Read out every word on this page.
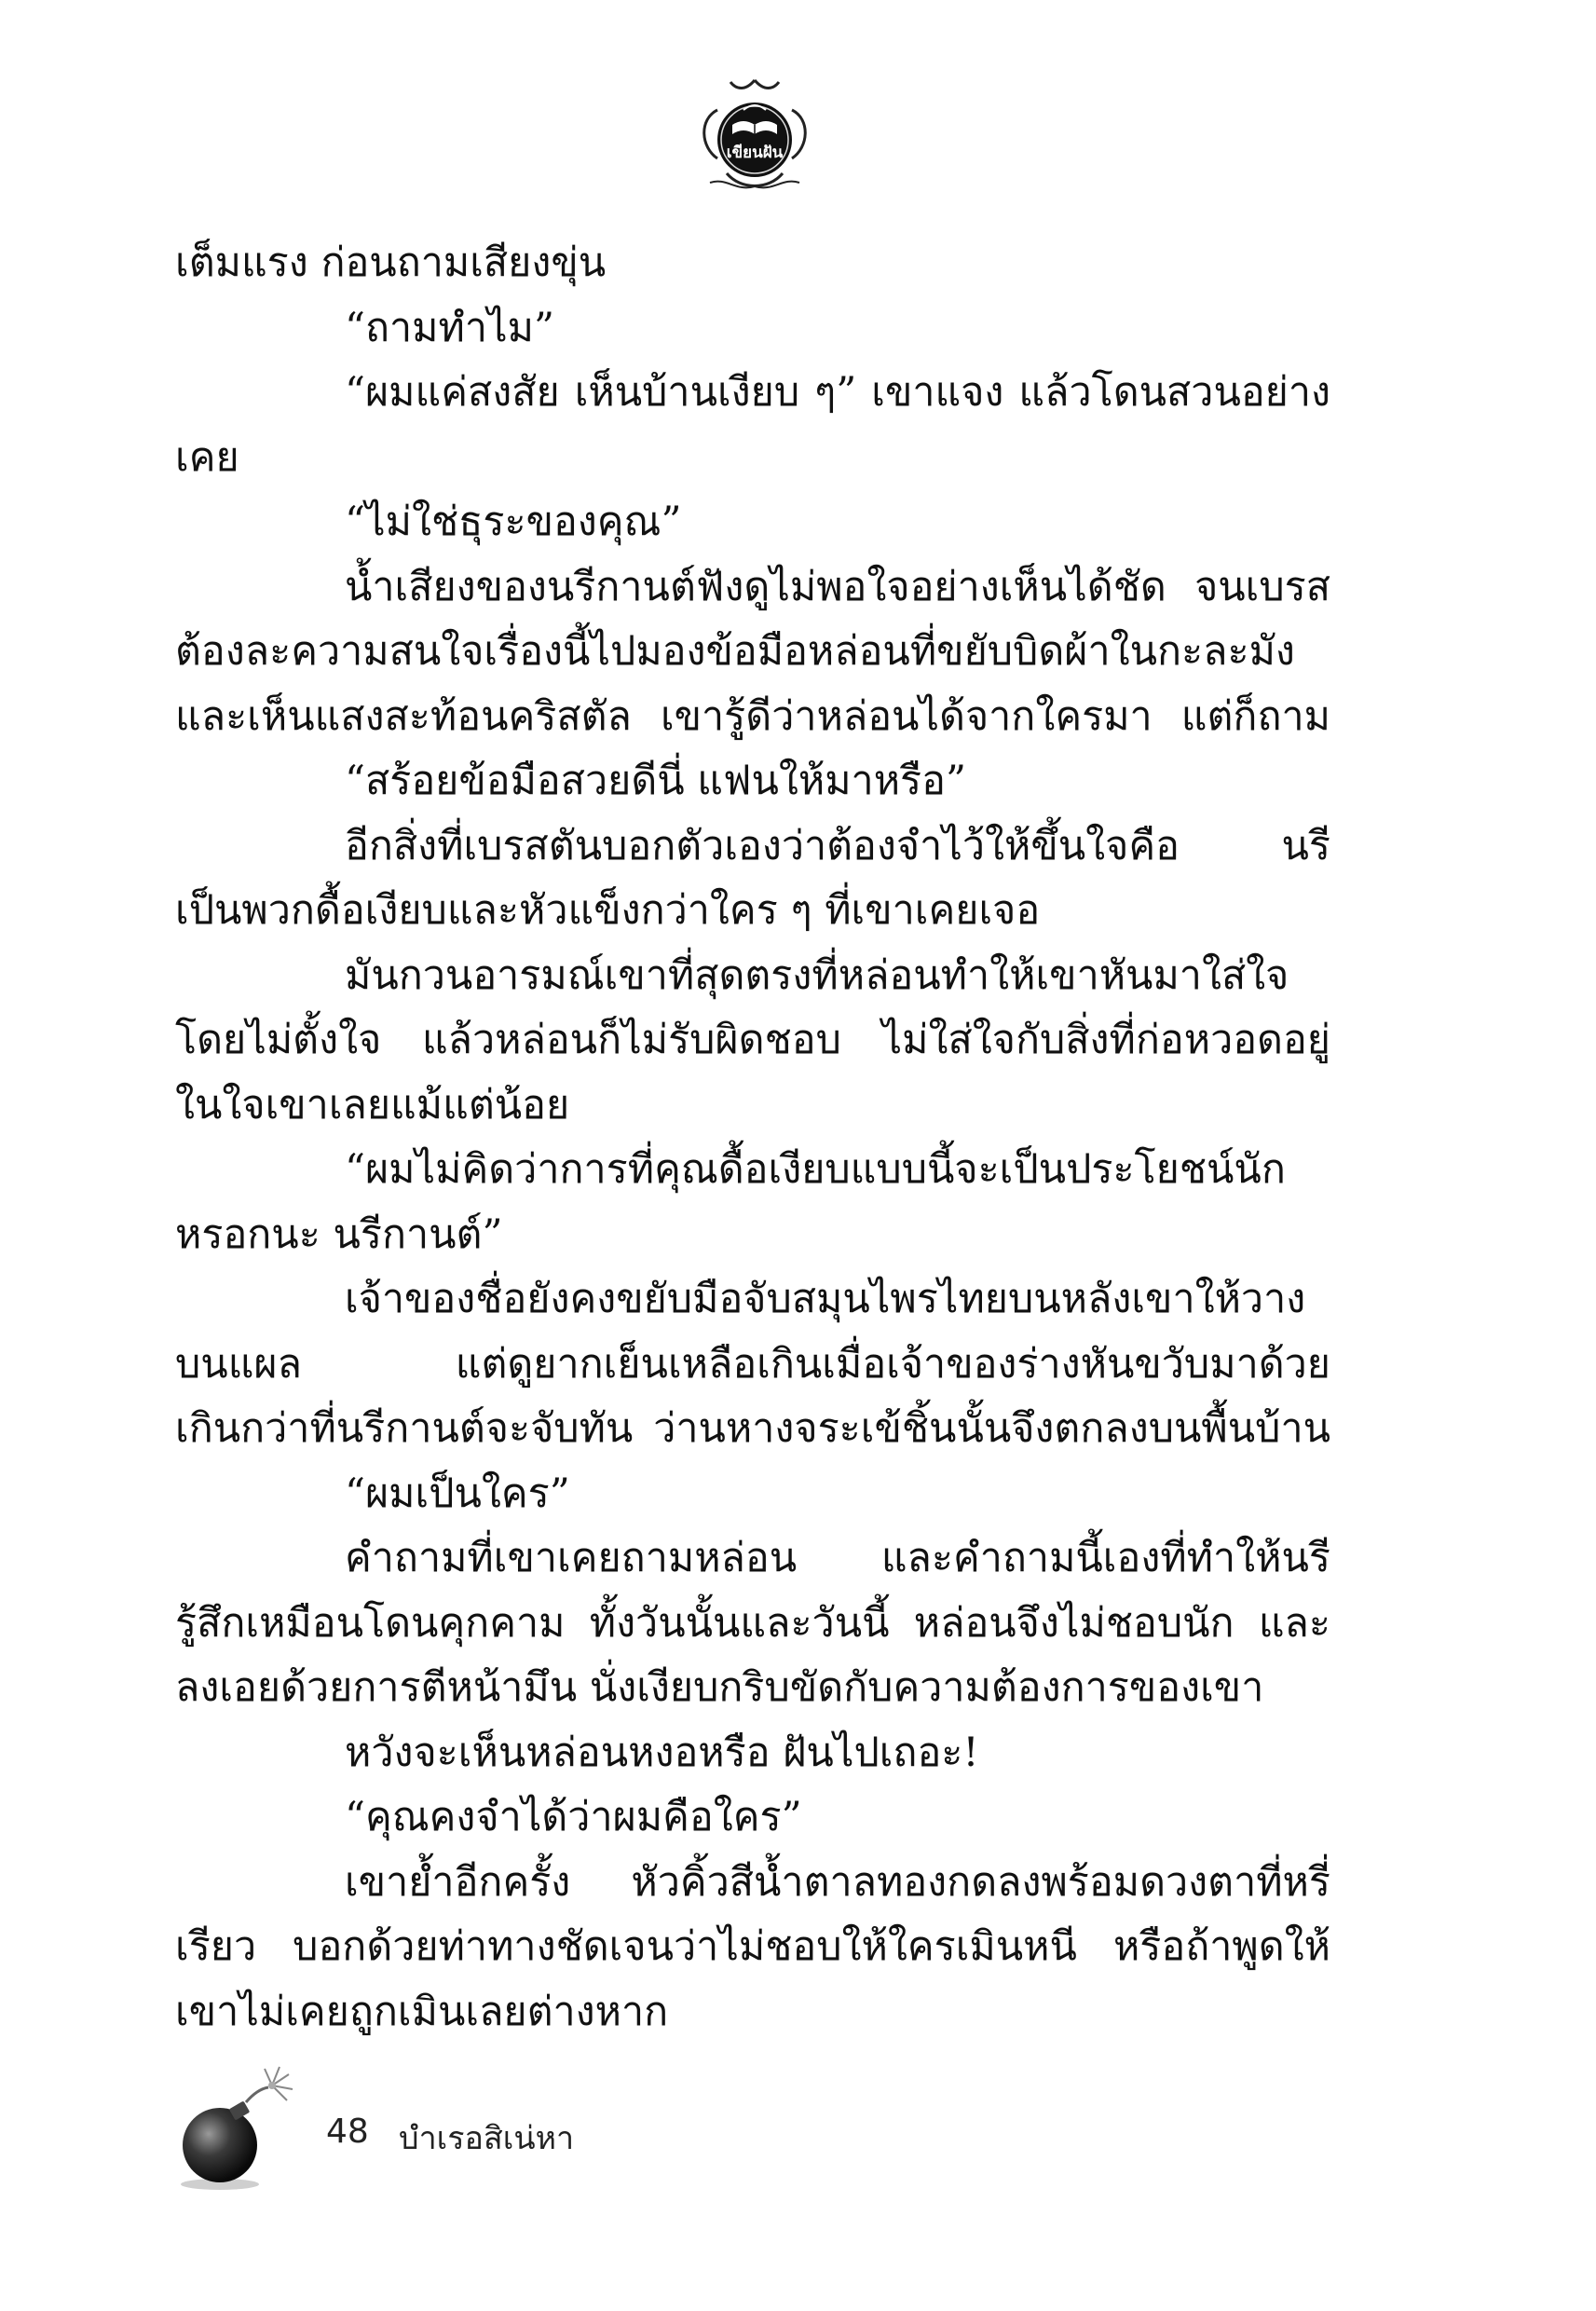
เขียนฝัน
เต็มแรง ก่อนถามเสียงขุ่น
“ถามทำไม”
“ผมแค่สงสัย เห็นบ้านเงียบ ๆ” เขาแจง แล้วโดนสวนอย่าง
เคย
“ไม่ใช่ธุระของคุณ”
น้ำเสียงของนรีกานต์ฟังดูไม่พอใจอย่างเห็นได้ชัด จนเบรส
ต้องละความสนใจเรื่องนี้ไปมองข้อมือหล่อนที่ขยับบิดผ้าในกะละมัง
และเห็นแสงสะท้อนคริสตัล เขารู้ดีว่าหล่อนได้จากใครมา แต่ก็ถาม
“สร้อยข้อมือสวยดีนี่ แฟนให้มาหรือ”
อีกสิ่งที่เบรสตันบอกตัวเองว่าต้องจำไว้ให้ขึ้นใจคือ นรี
เป็นพวกดื้อเงียบและหัวแข็งกว่าใคร ๆ ที่เขาเคยเจอ
มันกวนอารมณ์เขาที่สุดตรงที่หล่อนทำให้เขาหันมาใส่ใจ
โดยไม่ตั้งใจ แล้วหล่อนก็ไม่รับผิดชอบ ไม่ใส่ใจกับสิ่งที่ก่อหวอดอยู่
ในใจเขาเลยแม้แต่น้อย
“ผมไม่คิดว่าการที่คุณดื้อเงียบแบบนี้จะเป็นประโยชน์นัก
หรอกนะ นรีกานต์”
เจ้าของชื่อยังคงขยับมือจับสมุนไพรไทยบนหลังเขาให้วาง
บนแผล แต่ดูยากเย็นเหลือเกินเมื่อเจ้าของร่างหันขวับมาด้วย
เกินกว่าที่นรีกานต์จะจับทัน ว่านหางจระเข้ชิ้นนั้นจึงตกลงบนพื้นบ้าน
“ผมเป็นใคร”
คำถามที่เขาเคยถามหล่อน และคำถามนี้เองที่ทำให้นรี
รู้สึกเหมือนโดนคุกคาม ทั้งวันนั้นและวันนี้ หล่อนจึงไม่ชอบนัก และ
ลงเอยด้วยการตีหน้ามึน นั่งเงียบกริบขัดกับความต้องการของเขา
หวังจะเห็นหล่อนหงอหรือ ฝันไปเถอะ!
“คุณคงจำได้ว่าผมคือใคร”
เขาย้ำอีกครั้ง หัวคิ้วสีน้ำตาลทองกดลงพร้อมดวงตาที่หรี่
เรียว บอกด้วยท่าทางชัดเจนว่าไม่ชอบให้ใครเมินหนี หรือถ้าพูดให้
เขาไม่เคยถูกเมินเลยต่างหาก
48 บำเรอสิเน่หา
